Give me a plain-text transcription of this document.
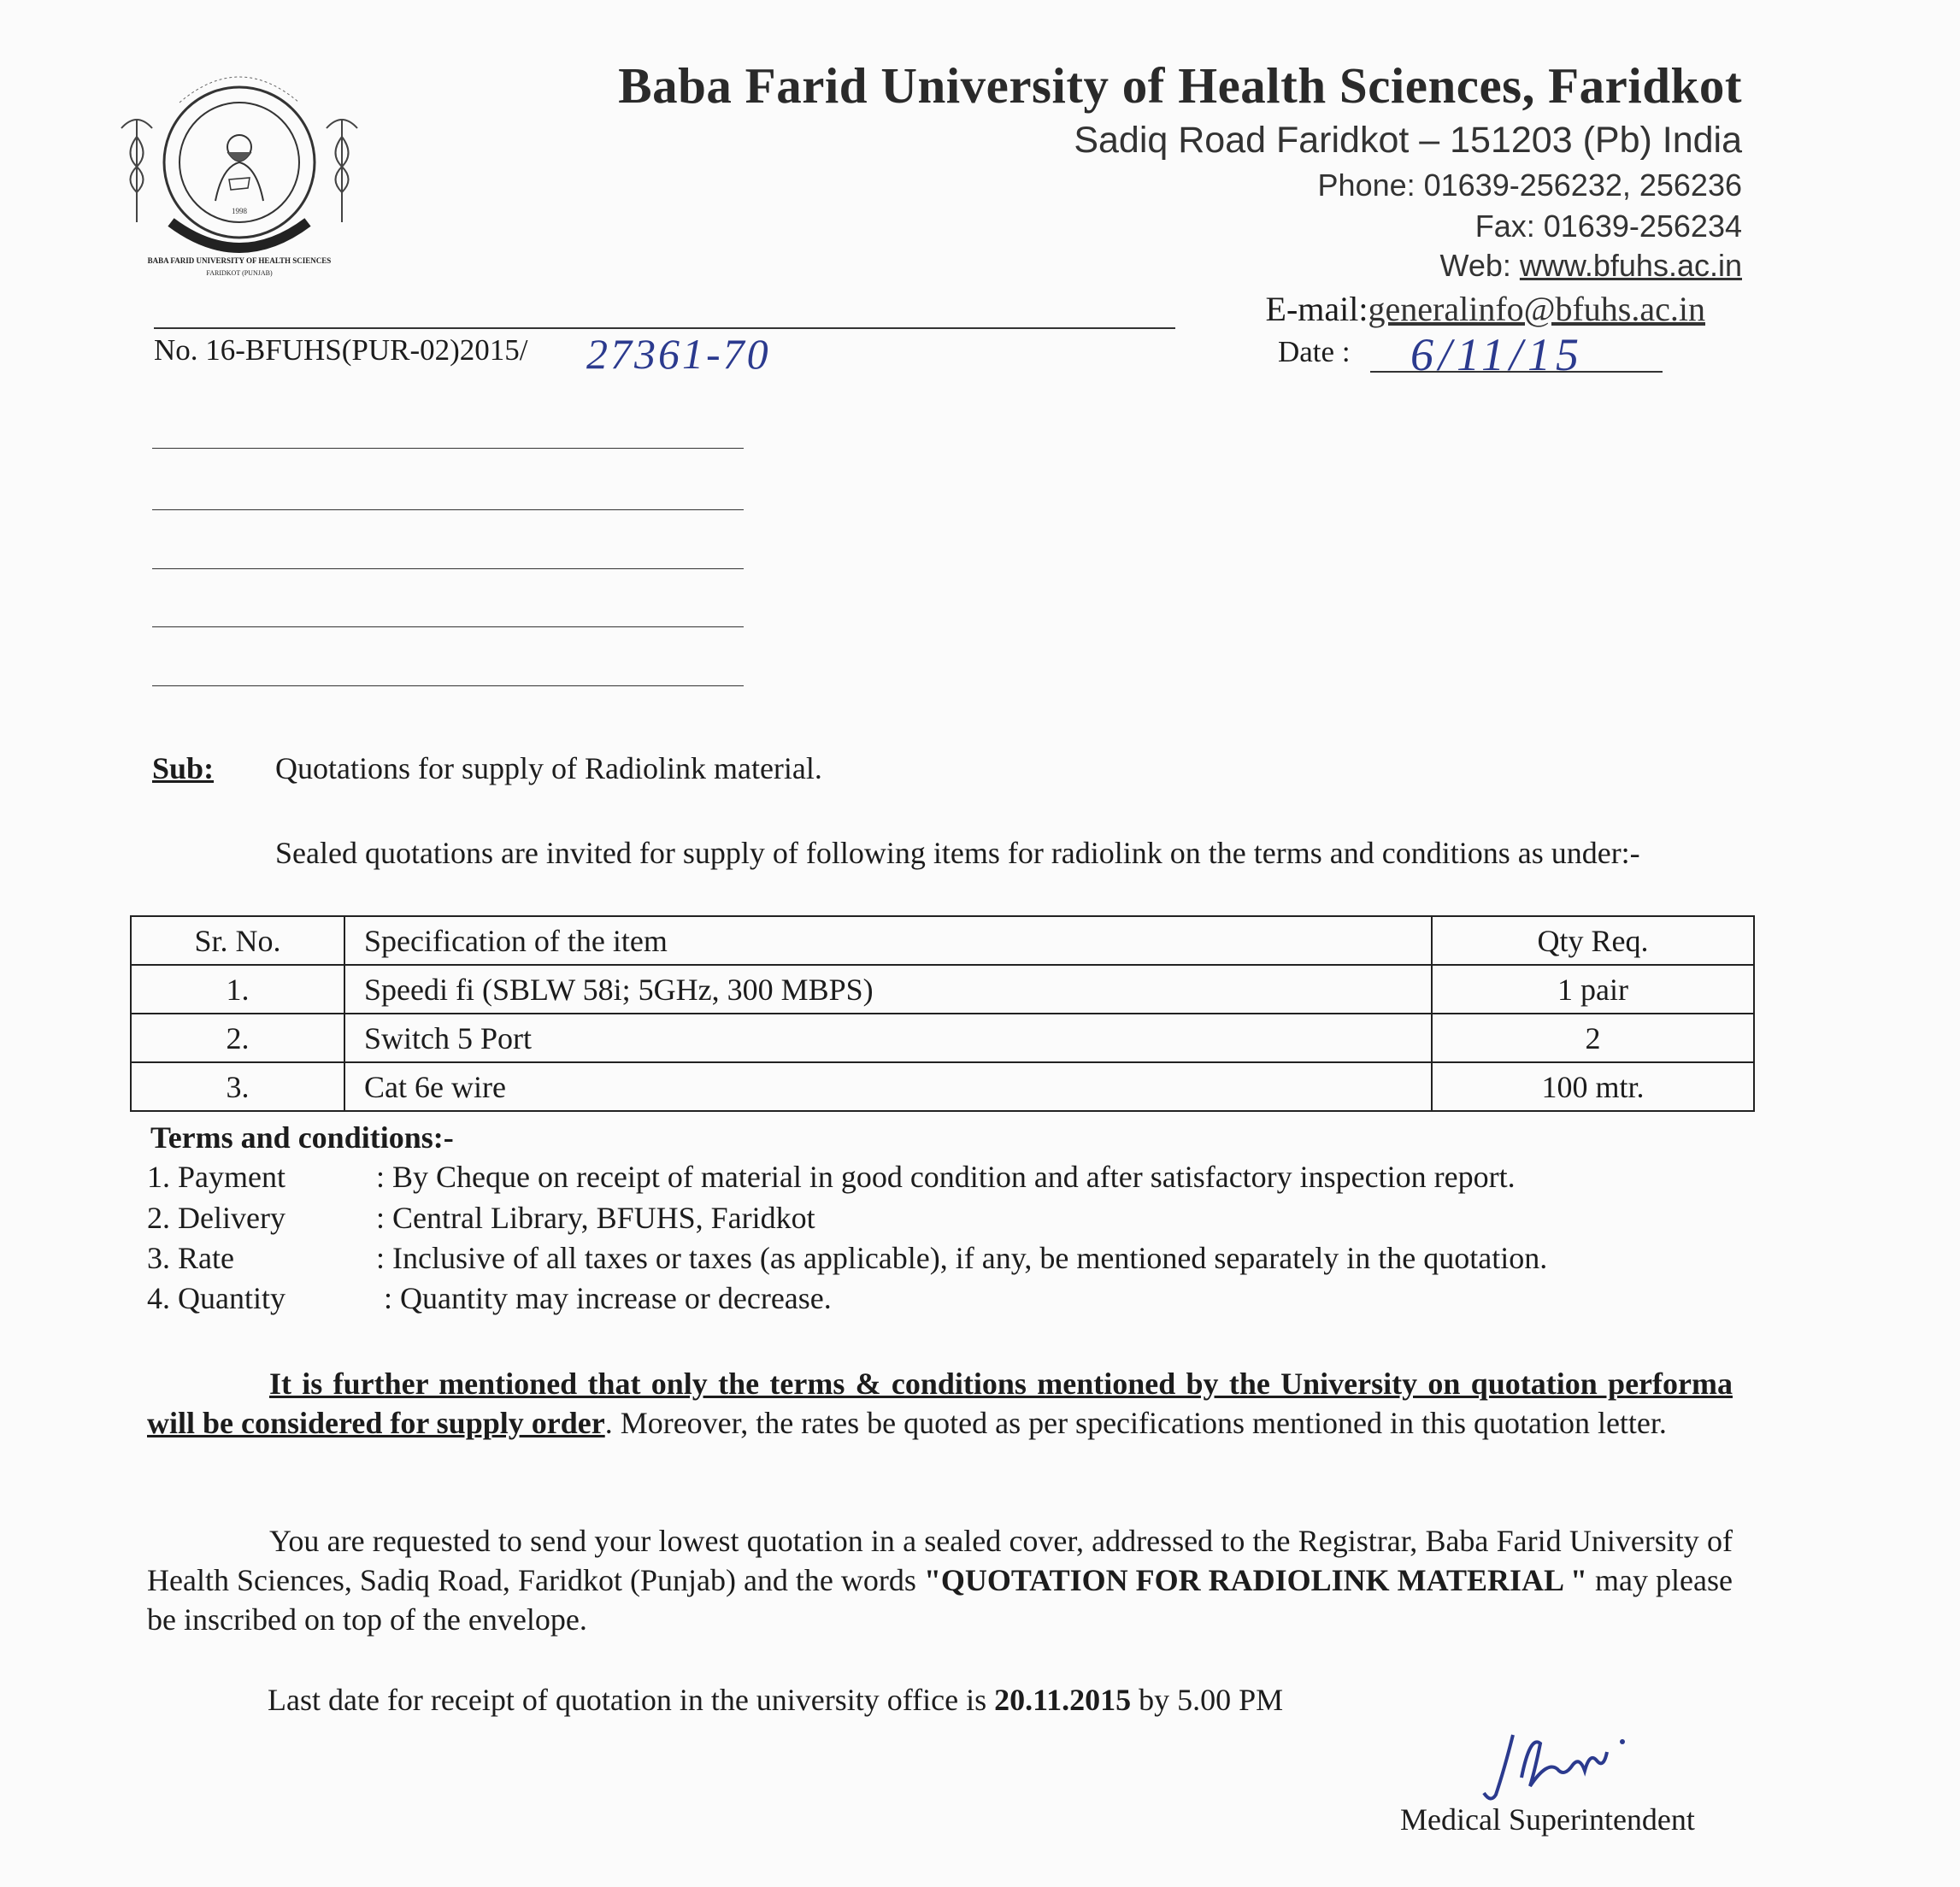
1998
BABA FARID UNIVERSITY OF HEALTH SCIENCES
FARIDKOT (PUNJAB)
Baba Farid University of Health Sciences, Faridkot
Sadiq Road Faridkot – 151203 (Pb) India
Phone: 01639-256232, 256236
Fax: 01639-256234
Web: www.bfuhs.ac.in
E-mail:generalinfo@bfuhs.ac.in
No. 16-BFUHS(PUR-02)2015/ 27361-70	Date : 6/11/15
Sub: Quotations for supply of Radiolink material.
Sealed quotations are invited for supply of following items for radiolink on the terms and conditions as under:-
Sr. No.	Specification of the item	Qty Req.
1.	Speedi fi (SBLW 58i; 5GHz, 300 MBPS)	1 pair
2.	Switch 5 Port	2
3.	Cat 6e wire	100 mtr.
Terms and conditions:-
1. Payment	: By Cheque on receipt of material in good condition and after satisfactory inspection report.
2. Delivery	: Central Library, BFUHS, Faridkot
3. Rate	: Inclusive of all taxes or taxes (as applicable), if any, be mentioned separately in the quotation.
4. Quantity	: Quantity may increase or decrease.
It is further mentioned that only the terms & conditions mentioned by the University on quotation performa will be considered for supply order. Moreover, the rates be quoted as per specifications mentioned in this quotation letter.
You are requested to send your lowest quotation in a sealed cover, addressed to the Registrar, Baba Farid University of Health Sciences, Sadiq Road, Faridkot (Punjab) and the words "QUOTATION FOR RADIOLINK MATERIAL " may please be inscribed on top of the envelope.
Last date for receipt of quotation in the university office is 20.11.2015 by 5.00 PM
Medical Superintendent
